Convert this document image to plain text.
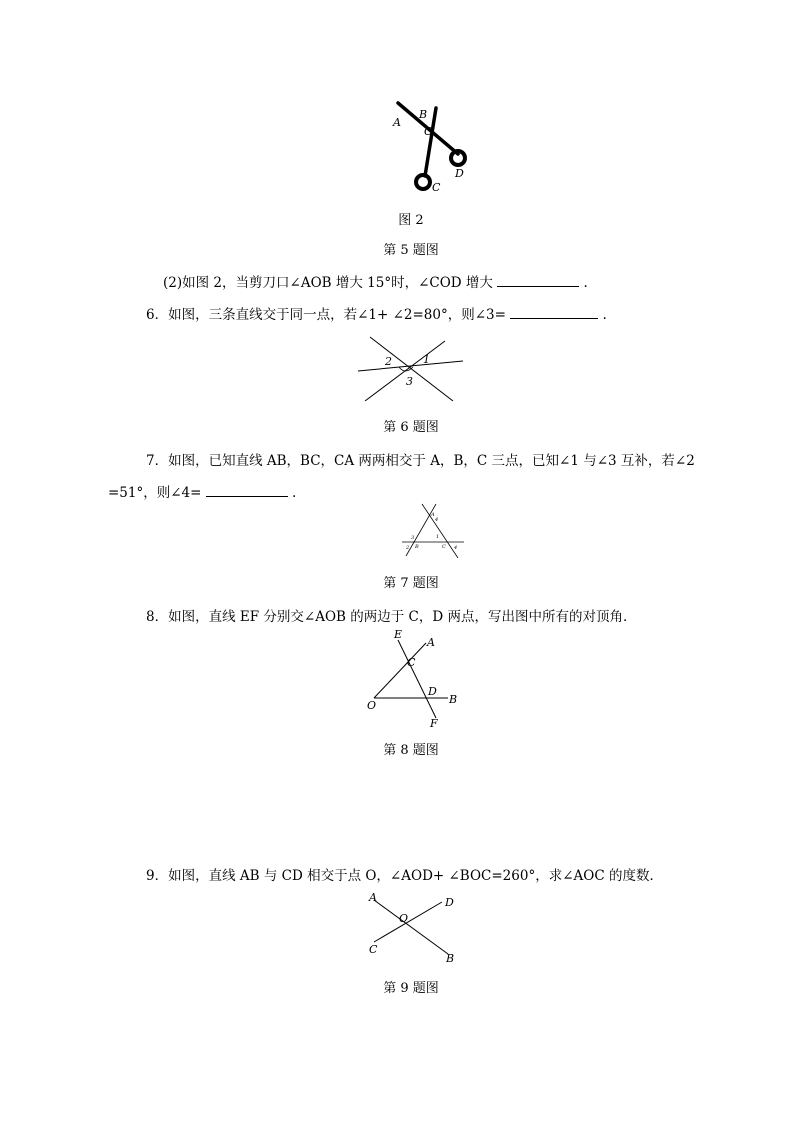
A
B
O
C
D
图 2
第 5 题图
(2)如图 2，当剪刀口∠AOB 增大 15°时，∠COD 增大	.
6．如图，三条直线交于同一点，若∠1+ ∠2=80°，则∠3=	.
2	1
3
第 6 题图
7．如图，已知直线 AB，BC，CA 两两相交于 A，B，C 三点，已知∠1 与∠3 互补，若∠2
=51°，则∠4=	.
A
1
2 B
3
C 4
4
第 7 题图
8．如图，直线 EF 分别交∠AOB 的两边于 C，D 两点，写出图中所有的对顶角．
E
A
C
D
B
O
F
第 8 题图
9．如图，直线 AB 与 CD 相交于点 O，∠AOD+ ∠BOC=260°，求∠AOC 的度数．
A	D
O
C
B
第 9 题图
